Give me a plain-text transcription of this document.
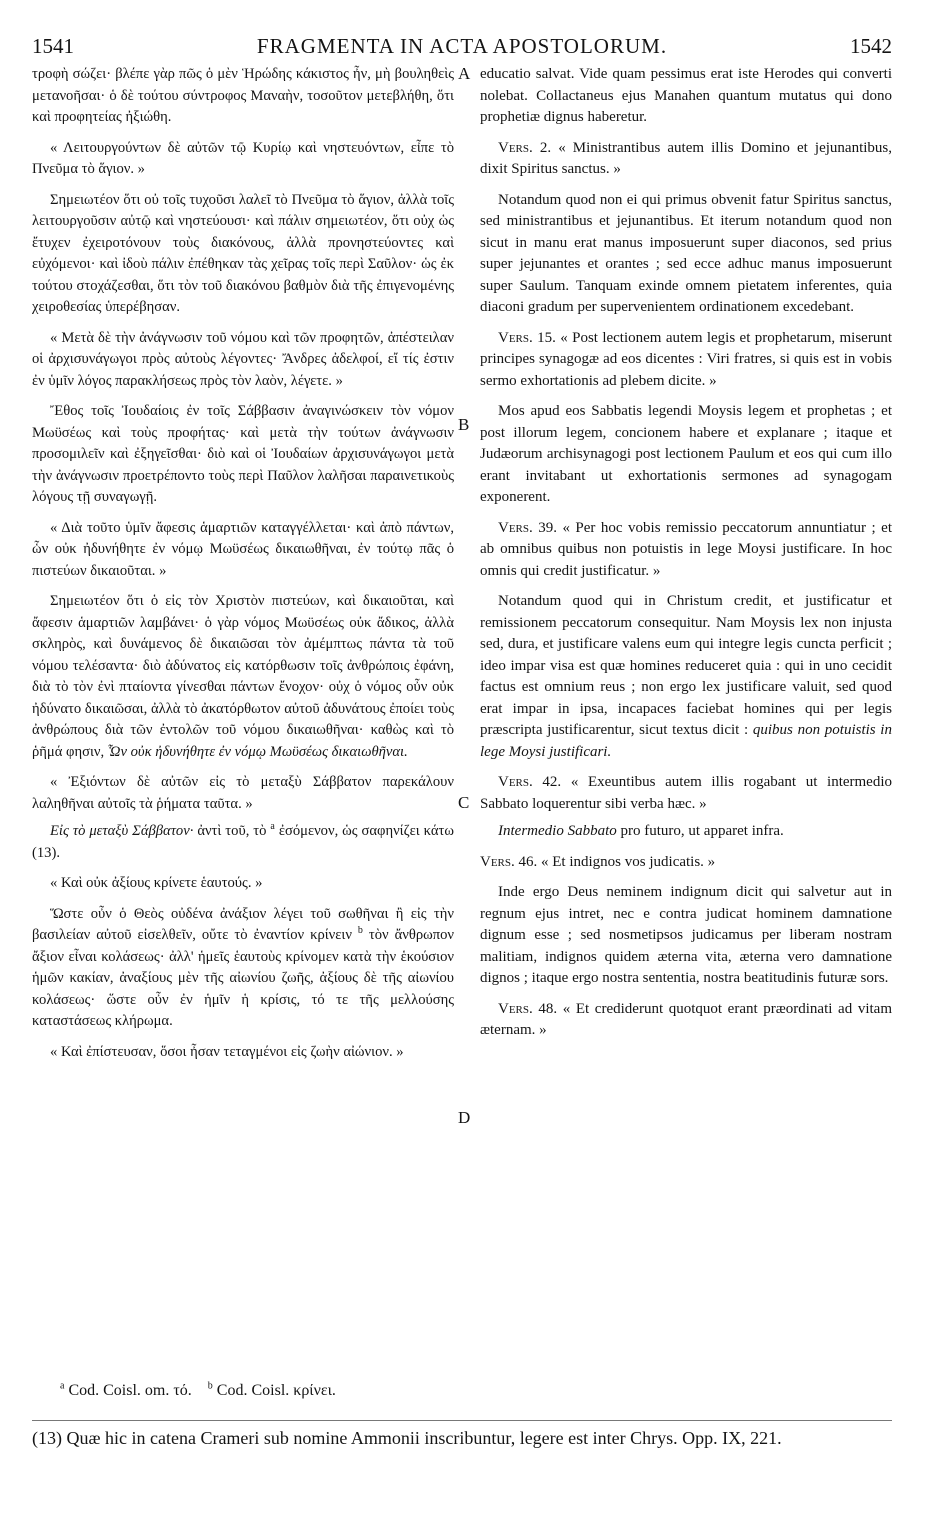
1541	FRAGMENTA IN ACTA APOSTOLORUM.	1542
A
B
C
D

τροφὴ σώζει· βλέπε γὰρ πῶς ὁ μὲν Ἡρώδης κάκιστος ἦν, μὴ βουληθεὶς μετανοῆσαι· ὁ δὲ τούτου σύντροφος Μαναὴν, τοσοῦτον μετεβλήθη, ὅτι καὶ προφητείας ἠξιώθη.

« Λειτουργούντων δὲ αὐτῶν τῷ Κυρίῳ καὶ νηστευόντων, εἶπε τὸ Πνεῦμα τὸ ἅγιον. »

Σημειωτέον ὅτι οὐ τοῖς τυχοῦσι λαλεῖ τὸ Πνεῦμα τὸ ἅγιον, ἀλλὰ τοῖς λειτουργοῦσιν αὐτῷ καὶ νηστεύουσι· καὶ πάλιν σημειωτέον, ὅτι οὐχ ὡς ἔτυχεν ἐχειροτόνουν τοὺς διακόνους, ἀλλὰ προνηστεύοντες καὶ εὐχόμενοι· καὶ ἰδοὺ πάλιν ἐπέθηκαν τὰς χεῖρας τοῖς περὶ Σαῦλον· ὡς ἐκ τούτου στοχάζεσθαι, ὅτι τὸν τοῦ διακόνου βαθμὸν διὰ τῆς ἐπιγενομένης χειροθεσίας ὑπερέβησαν.

« Μετὰ δὲ τὴν ἀνάγνωσιν τοῦ νόμου καὶ τῶν προφητῶν, ἀπέστειλαν οἱ ἀρχισυνάγωγοι πρὸς αὐτοὺς λέγοντες· Ἄνδρες ἀδελφοί, εἴ τίς ἐστιν ἐν ὑμῖν λόγος παρακλήσεως πρὸς τὸν λαὸν, λέγετε. »

Ἔθος τοῖς Ἰουδαίοις ἐν τοῖς Σάββασιν ἀναγινώσκειν τὸν νόμον Μωϋσέως καὶ τοὺς προφήτας· καὶ μετὰ τὴν τούτων ἀνάγνωσιν προσομιλεῖν καὶ ἐξηγεῖσθαι· διὸ καὶ οἱ Ἰουδαίων ἀρχισυνάγωγοι μετὰ τὴν ἀνάγνωσιν προετρέποντο τοὺς περὶ Παῦλον λαλῆσαι παραινετικοὺς λόγους τῇ συναγωγῇ.

« Διὰ τοῦτο ὑμῖν ἄφεσις ἁμαρτιῶν καταγγέλλεται· καὶ ἀπὸ πάντων, ὧν οὐκ ἠδυνήθητε ἐν νόμῳ Μωϋσέως δικαιωθῆναι, ἐν τούτῳ πᾶς ὁ πιστεύων δικαιοῦται. »

Σημειωτέον ὅτι ὁ εἰς τὸν Χριστὸν πιστεύων, καὶ δικαιοῦται, καὶ ἄφεσιν ἁμαρτιῶν λαμβάνει· ὁ γὰρ νόμος Μωϋσέως οὐκ ἄδικος, ἀλλὰ σκληρὸς, καὶ δυνάμενος δὲ δικαιῶσαι τὸν ἀμέμπτως πάντα τὰ τοῦ νόμου τελέσαντα· διὸ ἀδύνατος εἰς κατόρθωσιν τοῖς ἀνθρώποις ἐφάνη, διὰ τὸ τὸν ἐνὶ πταίοντα γίνεσθαι πάντων ἔνοχον· οὐχ ὁ νόμος οὖν οὐκ ἠδύνατο δικαιῶσαι, ἀλλὰ τὸ ἀκατόρθωτον αὐτοῦ ἀδυνάτους ἐποίει τοὺς ἀνθρώπους διὰ τῶν ἐντολῶν τοῦ νόμου δικαιωθῆναι· καθὼς καὶ τὸ ῥῆμά φησιν, Ὧν οὐκ ἠδυνήθητε ἐν νόμῳ Μωϋσέως δικαιωθῆναι.

« Ἐξιόντων δὲ αὐτῶν εἰς τὸ μεταξὺ Σάββατον παρεκάλουν λαληθῆναι αὐτοῖς τὰ ῥήματα ταῦτα. »

Εἰς τὸ μεταξὺ Σάββατον· ἀντὶ τοῦ, τὸ $^a$ ἐσόμενον, ὡς σαφηνίζει κάτω (13).

« Καὶ οὐκ ἀξίους κρίνετε ἑαυτούς. »

Ὥστε οὖν ὁ Θεὸς οὐδένα ἀνάξιον λέγει τοῦ σωθῆναι ἢ εἰς τὴν βασιλείαν αὐτοῦ εἰσελθεῖν, οὔτε τὸ ἐναντίον κρίνειν $^b$ τὸν ἄνθρωπον ἄξιον εἶναι κολάσεως· ἀλλ' ἡμεῖς ἑαυτοὺς κρίνομεν κατὰ τὴν ἑκούσιον ἡμῶν κακίαν, ἀναξίους μὲν τῆς αἰωνίου ζωῆς, ἀξίους δὲ τῆς αἰωνίου κολάσεως· ὥστε οὖν ἐν ἡμῖν ἡ κρίσις, τό τε τῆς μελλούσης καταστάσεως κλήρωμα.

« Καὶ ἐπίστευσαν, ὅσοι ἦσαν τεταγμένοι εἰς ζωὴν αἰώνιον. »

educatio salvat. Vide quam pessimus erat iste Herodes qui converti nolebat. Collactaneus ejus Manahen quantum mutatus qui dono prophetiæ dignus haberetur.

Vers. 2. « Ministrantibus autem illis Domino et jejunantibus, dixit Spiritus sanctus. »

Notandum quod non ei qui primus obvenit fatur Spiritus sanctus, sed ministrantibus et jejunantibus. Et iterum notandum quod non sicut in manu erat manus imposuerunt super diaconos, sed prius super jejunantes et orantes ; sed ecce adhuc manus imposuerunt super Saulum. Tanquam exinde omnem pietatem inferentes, quia diaconi gradum per supervenientem ordinationem excedebant.

Vers. 15. « Post lectionem autem legis et prophetarum, miserunt principes synagogæ ad eos dicentes : Viri fratres, si quis est in vobis sermo exhortationis ad plebem dicite. »

Mos apud eos Sabbatis legendi Moysis legem et prophetas ; et post illorum legem, concionem habere et explanare ; itaque et Judæorum archisynagogi post lectionem Paulum et eos qui cum illo erant invitabant ut exhortationis sermones ad synagogam exponerent.

Vers. 39. « Per hoc vobis remissio peccatorum annuntiatur ; et ab omnibus quibus non potuistis in lege Moysi justificare. In hoc omnis qui credit justificatur. »

Notandum quod qui in Christum credit, et justificatur et remissionem peccatorum consequitur. Nam Moysis lex non injusta sed, dura, et justificare valens eum qui integre legis cuncta perficit ; ideo impar visa est quæ homines reduceret quia : qui in uno cecidit factus est omnium reus ; non ergo lex justificare valuit, sed quod erat impar in ipsa, incapaces faciebat homines qui per legis præscripta justificarentur, sicut textus dicit : quibus non potuistis in lege Moysi justificari.

Vers. 42. « Exeuntibus autem illis rogabant ut intermedio Sabbato loquerentur sibi verba hæc. »

Intermedio Sabbato pro futuro, ut apparet infra.

Vers. 46. « Et indignos vos judicatis. »

Inde ergo Deus neminem indignum dicit qui salvetur aut in regnum ejus intret, nec e contra judicat hominem damnatione dignum esse ; sed nosmetipsos judicamus per liberam nostram malitiam, indignos quidem æterna vita, æterna vero damnatione dignos ; itaque ergo nostra sententia, nostra beatitudinis futuræ sors.

Vers. 48. « Et crediderunt quotquot erant præordinati ad vitam æternam. »

$^a$ Cod. Coisl. om. τό. $^b$ Cod. Coisl. κρίνει.
(13) Quæ hic in catena Crameri sub nomine Ammonii inscribuntur, legere est inter Chrys. Opp. IX, 221.
